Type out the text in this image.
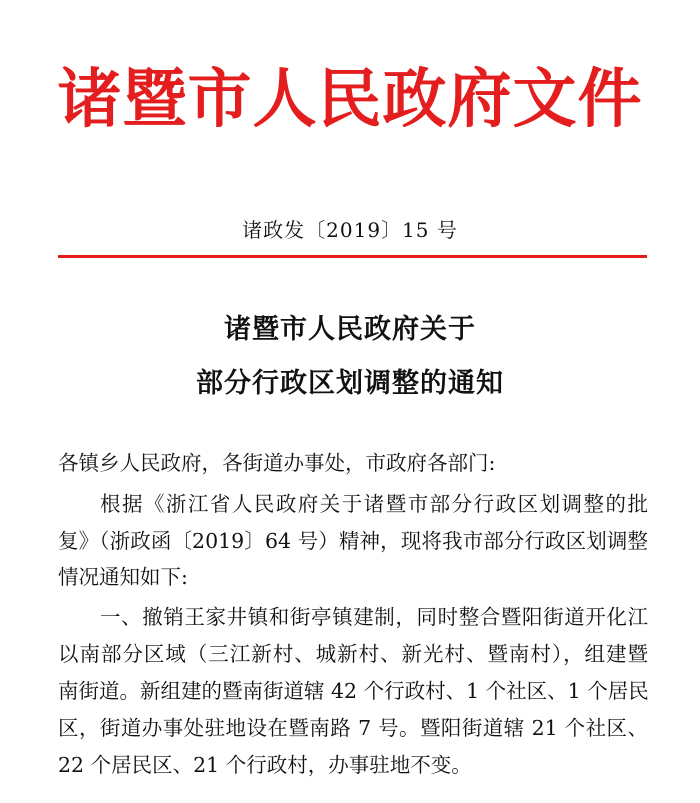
诸暨市人民政府文件
诸政发〔2019〕15 号
诸暨市人民政府关于
部分行政区划调整的通知
各镇乡人民政府，各街道办事处，市政府各部门:
根据《浙江省人民政府关于诸暨市部分行政区划调整的批
复》（浙政函〔2019〕64 号）精神，现将我市部分行政区划调整
情况通知如下:
一、撤销王家井镇和街亭镇建制，同时整合暨阳街道开化江
以南部分区域（三江新村、城新村、新光村、暨南村），组建暨
南街道。新组建的暨南街道辖 42 个行政村、1 个社区、1 个居民
区，街道办事处驻地设在暨南路 7 号。暨阳街道辖 21 个社区、
22 个居民区、21 个行政村，办事驻地不变。
